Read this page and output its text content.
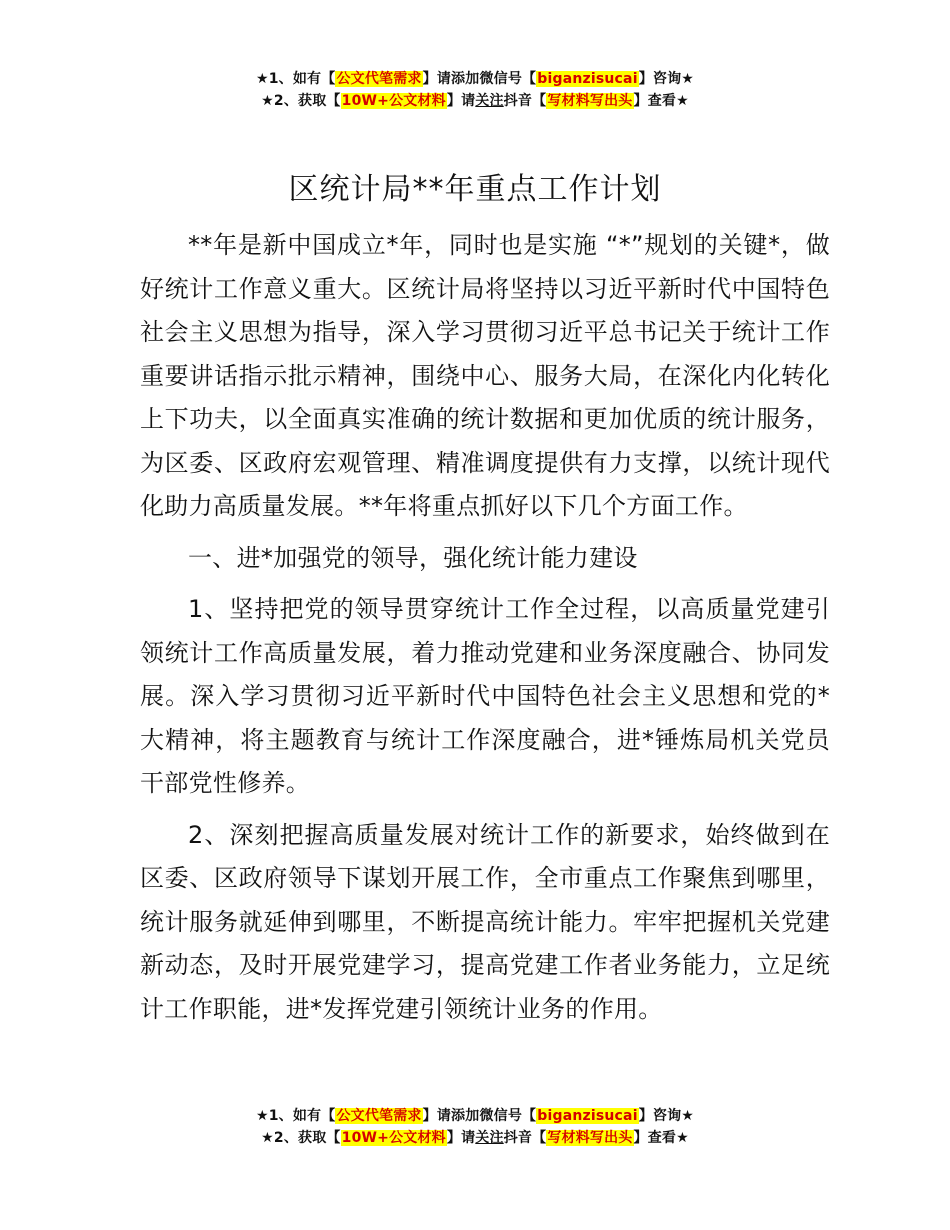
★1、如有【公文代笔需求】请添加微信号【biganzisucai】咨询★
★2、获取【10W+公文材料】请关注抖音【写材料写出头】查看★
区统计局**年重点工作计划

**年是新中国成立*年，同时也是实施 “*”规划的关键*，做好统计工作意义重大。区统计局将坚持以习近平新时代中国特色社会主义思想为指导，深入学习贯彻习近平总书记关于统计工作重要讲话指示批示精神，围绕中心、服务大局，在深化内化转化上下功夫，以全面真实准确的统计数据和更加优质的统计服务，为区委、区政府宏观管理、精准调度提供有力支撑，以统计现代化助力高质量发展。**年将重点抓好以下几个方面工作。

一、进*加强党的领导，强化统计能力建设

1、坚持把党的领导贯穿统计工作全过程，以高质量党建引领统计工作高质量发展，着力推动党建和业务深度融合、协同发展。深入学习贯彻习近平新时代中国特色社会主义思想和党的*大精神，将主题教育与统计工作深度融合，进*锤炼局机关党员干部党性修养。

2、深刻把握高质量发展对统计工作的新要求，始终做到在区委、区政府领导下谋划开展工作，全市重点工作聚焦到哪里，统计服务就延伸到哪里，不断提高统计能力。牢牢把握机关党建新动态，及时开展党建学习，提高党建工作者业务能力，立足统计工作职能，进*发挥党建引领统计业务的作用。

★1、如有【公文代笔需求】请添加微信号【biganzisucai】咨询★
★2、获取【10W+公文材料】请关注抖音【写材料写出头】查看★
